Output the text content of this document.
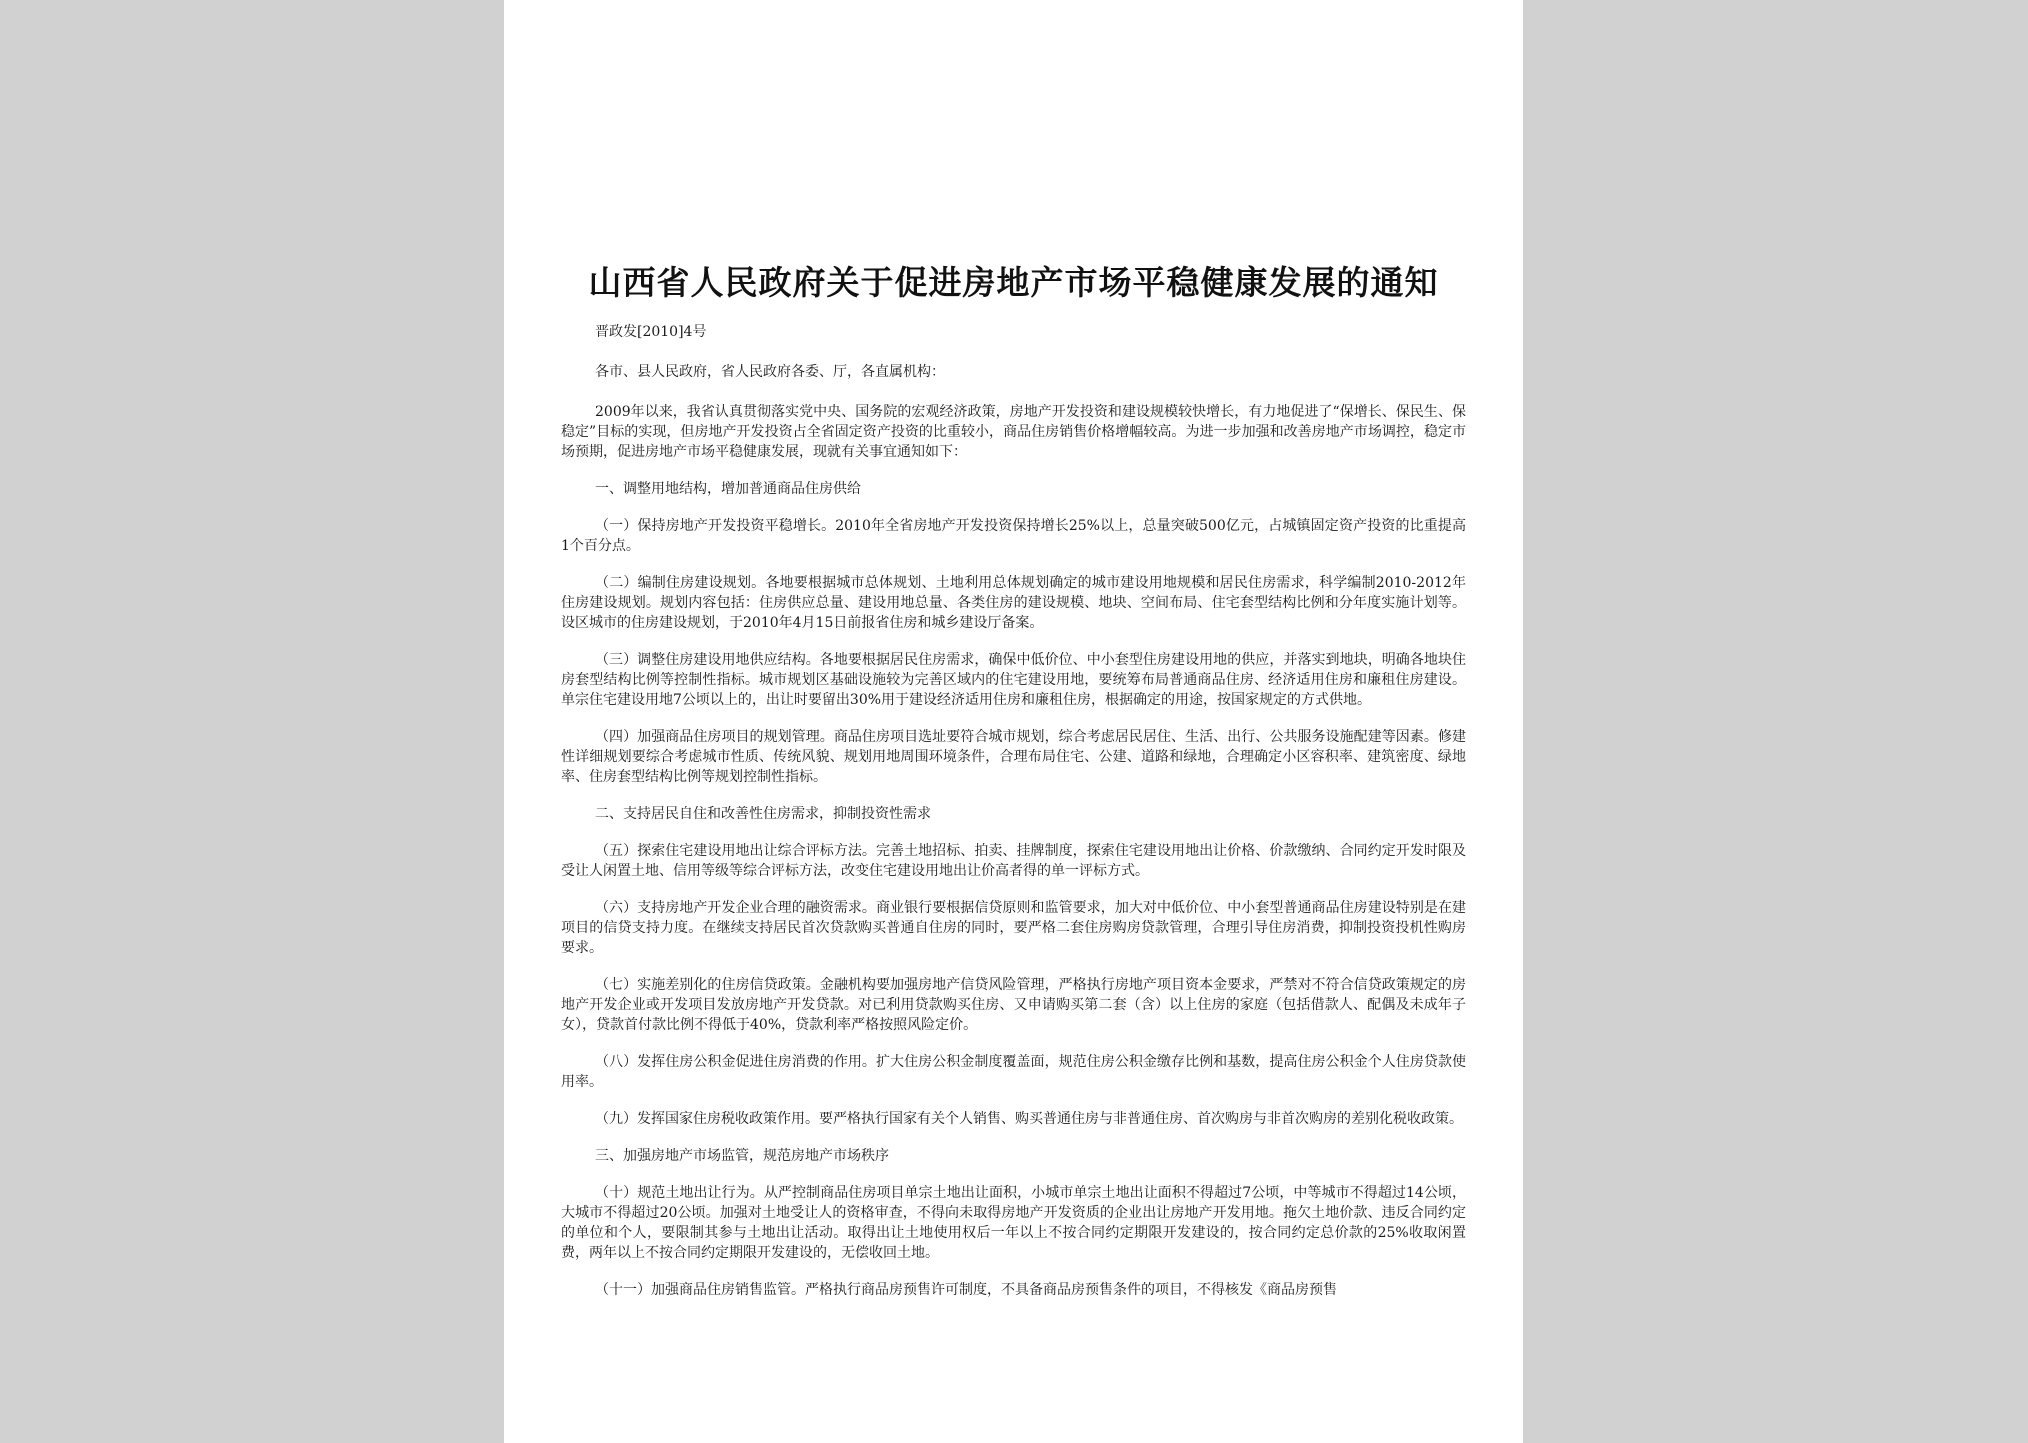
山西省人民政府关于促进房地产市场平稳健康发展的通知

晋政发[2010]4号

各市、县人民政府，省人民政府各委、厅，各直属机构：

2009年以来，我省认真贯彻落实党中央、国务院的宏观经济政策，房地产开发投资和建设规模较快增长，有力地促进了“保增长、保民生、保稳定”目标的实现，但房地产开发投资占全省固定资产投资的比重较小，商品住房销售价格增幅较高。为进一步加强和改善房地产市场调控，稳定市场预期，促进房地产市场平稳健康发展，现就有关事宜通知如下：

一、调整用地结构，增加普通商品住房供给

（一）保持房地产开发投资平稳增长。2010年全省房地产开发投资保持增长25%以上，总量突破500亿元，占城镇固定资产投资的比重提高1个百分点。

（二）编制住房建设规划。各地要根据城市总体规划、土地利用总体规划确定的城市建设用地规模和居民住房需求，科学编制2010-2012年住房建设规划。规划内容包括：住房供应总量、建设用地总量、各类住房的建设规模、地块、空间布局、住宅套型结构比例和分年度实施计划等。设区城市的住房建设规划，于2010年4月15日前报省住房和城乡建设厅备案。

（三）调整住房建设用地供应结构。各地要根据居民住房需求，确保中低价位、中小套型住房建设用地的供应，并落实到地块，明确各地块住房套型结构比例等控制性指标。城市规划区基础设施较为完善区域内的住宅建设用地，要统筹布局普通商品住房、经济适用住房和廉租住房建设。单宗住宅建设用地7公顷以上的，出让时要留出30%用于建设经济适用住房和廉租住房，根据确定的用途，按国家规定的方式供地。

（四）加强商品住房项目的规划管理。商品住房项目选址要符合城市规划，综合考虑居民居住、生活、出行、公共服务设施配建等因素。修建性详细规划要综合考虑城市性质、传统风貌、规划用地周围环境条件，合理布局住宅、公建、道路和绿地，合理确定小区容积率、建筑密度、绿地率、住房套型结构比例等规划控制性指标。

二、支持居民自住和改善性住房需求，抑制投资性需求

（五）探索住宅建设用地出让综合评标方法。完善土地招标、拍卖、挂牌制度，探索住宅建设用地出让价格、价款缴纳、合同约定开发时限及受让人闲置土地、信用等级等综合评标方法，改变住宅建设用地出让价高者得的单一评标方式。

（六）支持房地产开发企业合理的融资需求。商业银行要根据信贷原则和监管要求，加大对中低价位、中小套型普通商品住房建设特别是在建项目的信贷支持力度。在继续支持居民首次贷款购买普通自住房的同时，要严格二套住房购房贷款管理，合理引导住房消费，抑制投资投机性购房要求。

（七）实施差别化的住房信贷政策。金融机构要加强房地产信贷风险管理，严格执行房地产项目资本金要求，严禁对不符合信贷政策规定的房地产开发企业或开发项目发放房地产开发贷款。对已利用贷款购买住房、又申请购买第二套（含）以上住房的家庭（包括借款人、配偶及未成年子女），贷款首付款比例不得低于40%，贷款利率严格按照风险定价。

（八）发挥住房公积金促进住房消费的作用。扩大住房公积金制度覆盖面，规范住房公积金缴存比例和基数，提高住房公积金个人住房贷款使用率。

（九）发挥国家住房税收政策作用。要严格执行国家有关个人销售、购买普通住房与非普通住房、首次购房与非首次购房的差别化税收政策。

三、加强房地产市场监管，规范房地产市场秩序

（十）规范土地出让行为。从严控制商品住房项目单宗土地出让面积，小城市单宗土地出让面积不得超过7公顷，中等城市不得超过14公顷，大城市不得超过20公顷。加强对土地受让人的资格审查，不得向未取得房地产开发资质的企业出让房地产开发用地。拖欠土地价款、违反合同约定的单位和个人，要限制其参与土地出让活动。取得出让土地使用权后一年以上不按合同约定期限开发建设的，按合同约定总价款的25%收取闲置费，两年以上不按合同约定期限开发建设的，无偿收回土地。

（十一）加强商品住房销售监管。严格执行商品房预售许可制度，不具备商品房预售条件的项目，不得核发《商品房预售
